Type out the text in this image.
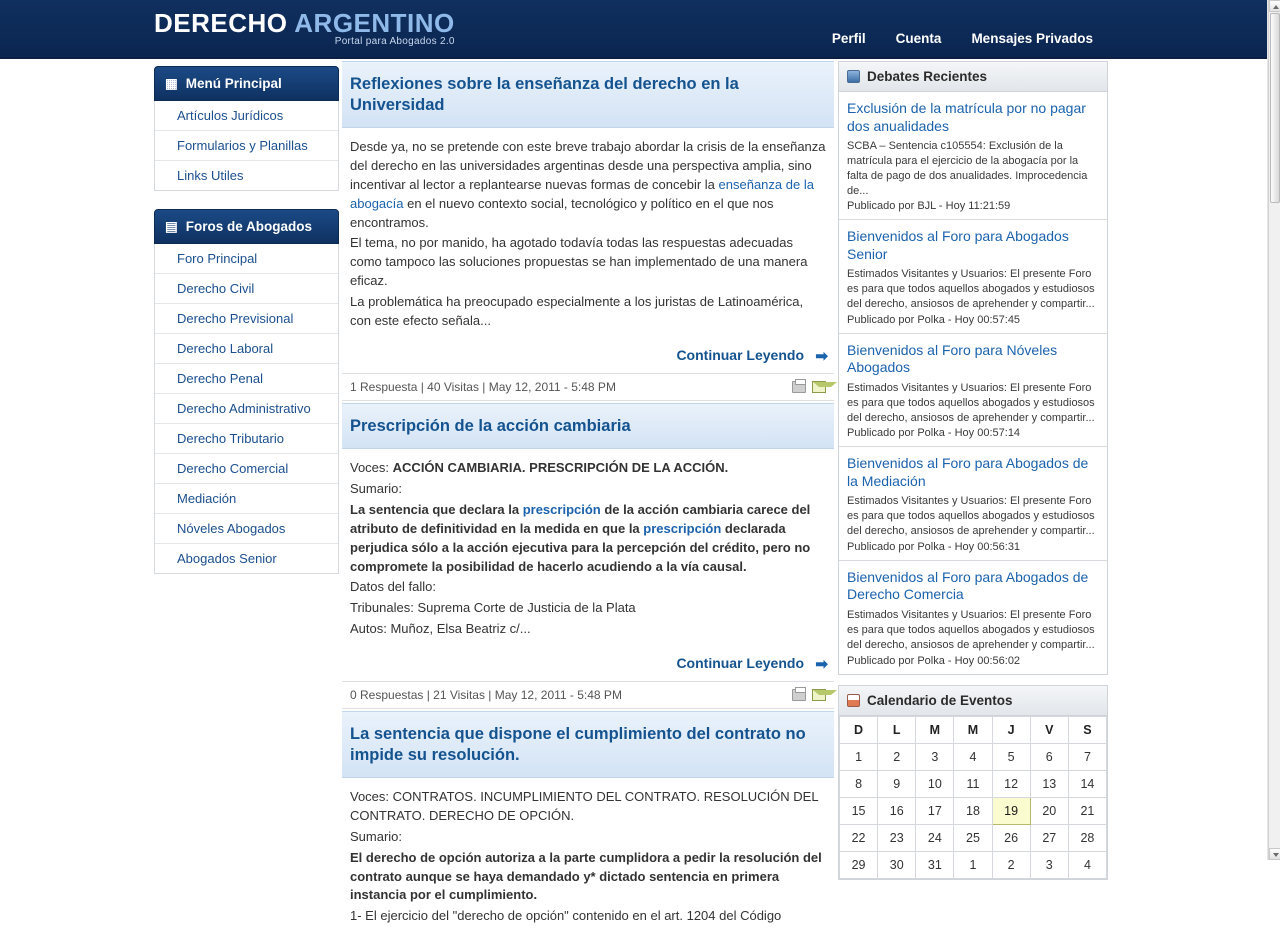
DERECHO ARGENTINO
Portal para Abogados 2.0	Perfil Cuenta Mensajes Privados
▦ Menú Principal
Artículos Jurídicos
Formularios y Planillas
Links Utiles
▤ Foros de Abogados
Foro Principal
Derecho Civil
Derecho Previsional
Derecho Laboral
Derecho Penal
Derecho Administrativo
Derecho Tributario
Derecho Comercial
Mediación
Nóveles Abogados
Abogados Senior
Reflexiones sobre la enseñanza del derecho en la Universidad

Desde ya, no se pretende con este breve trabajo abordar la crisis de la enseñanza del derecho en las universidades argentinas desde una perspectiva amplia, sino incentivar al lector a replantearse nuevas formas de concebir la enseñanza de la abogacía en el nuevo contexto social, tecnológico y político en el que nos encontramos.

El tema, no por manido, ha agotado todavía todas las respuestas adecuadas como tampoco las soluciones propuestas se han implementado de una manera eficaz.

La problemática ha preocupado especialmente a los juristas de Latinoamérica, con este efecto señala...

Continuar Leyendo ➡
1 Respuesta | 40 Visitas | May 12, 2011 - 5:48 PM
Prescripción de la acción cambiaria

Voces: ACCIÓN CAMBIARIA. PRESCRIPCIÓN DE LA ACCIÓN.

Sumario:

La sentencia que declara la prescripción de la acción cambiaria carece del atributo de definitividad en la medida en que la prescripción declarada perjudica sólo a la acción ejecutiva para la percepción del crédito, pero no compromete la posibilidad de hacerlo acudiendo a la vía causal.

Datos del fallo:

Tribunales: Suprema Corte de Justicia de la Plata

Autos: Muñoz, Elsa Beatriz c/...

Continuar Leyendo ➡
0 Respuestas | 21 Visitas | May 12, 2011 - 5:48 PM
La sentencia que dispone el cumplimiento del contrato no impide su resolución.

Voces: CONTRATOS. INCUMPLIMIENTO DEL CONTRATO. RESOLUCIÓN DEL CONTRATO. DERECHO DE OPCIÓN.

Sumario:

El derecho de opción autoriza a la parte cumplidora a pedir la resolución del contrato aunque se haya demandado y* dictado sentencia en primera instancia por el cumplimiento.

1- El ejercicio del "derecho de opción" contenido en el art. 1204 del Código

Debates Recientes
Exclusión de la matrícula por no pagar dos anualidades
SCBA – Sentencia c105554: Exclusión de la matrícula para el ejercicio de la abogacía por la falta de pago de dos anualidades. Improcedencia de...
Publicado por BJL - Hoy 11:21:59
Bienvenidos al Foro para Abogados Senior
Estimados Visitantes y Usuarios: El presente Foro es para que todos aquellos abogados y estudiosos del derecho, ansiosos de aprehender y compartir...
Publicado por Polka - Hoy 00:57:45
Bienvenidos al Foro para Nóveles Abogados
Estimados Visitantes y Usuarios: El presente Foro es para que todos aquellos abogados y estudiosos del derecho, ansiosos de aprehender y compartir...
Publicado por Polka - Hoy 00:57:14
Bienvenidos al Foro para Abogados de la Mediación
Estimados Visitantes y Usuarios: El presente Foro es para que todos aquellos abogados y estudiosos del derecho, ansiosos de aprehender y compartir...
Publicado por Polka - Hoy 00:56:31
Bienvenidos al Foro para Abogados de Derecho Comercia
Estimados Visitantes y Usuarios: El presente Foro es para que todos aquellos abogados y estudiosos del derecho, ansiosos de aprehender y compartir...
Publicado por Polka - Hoy 00:56:02
Calendario de Eventos
D	L	M	M	J	V	S
1	2	3	4	5	6	7
8	9	10	11	12	13	14
15	16	17	18	19	20	21
22	23	24	25	26	27	28
29	30	31	1	2	3	4
